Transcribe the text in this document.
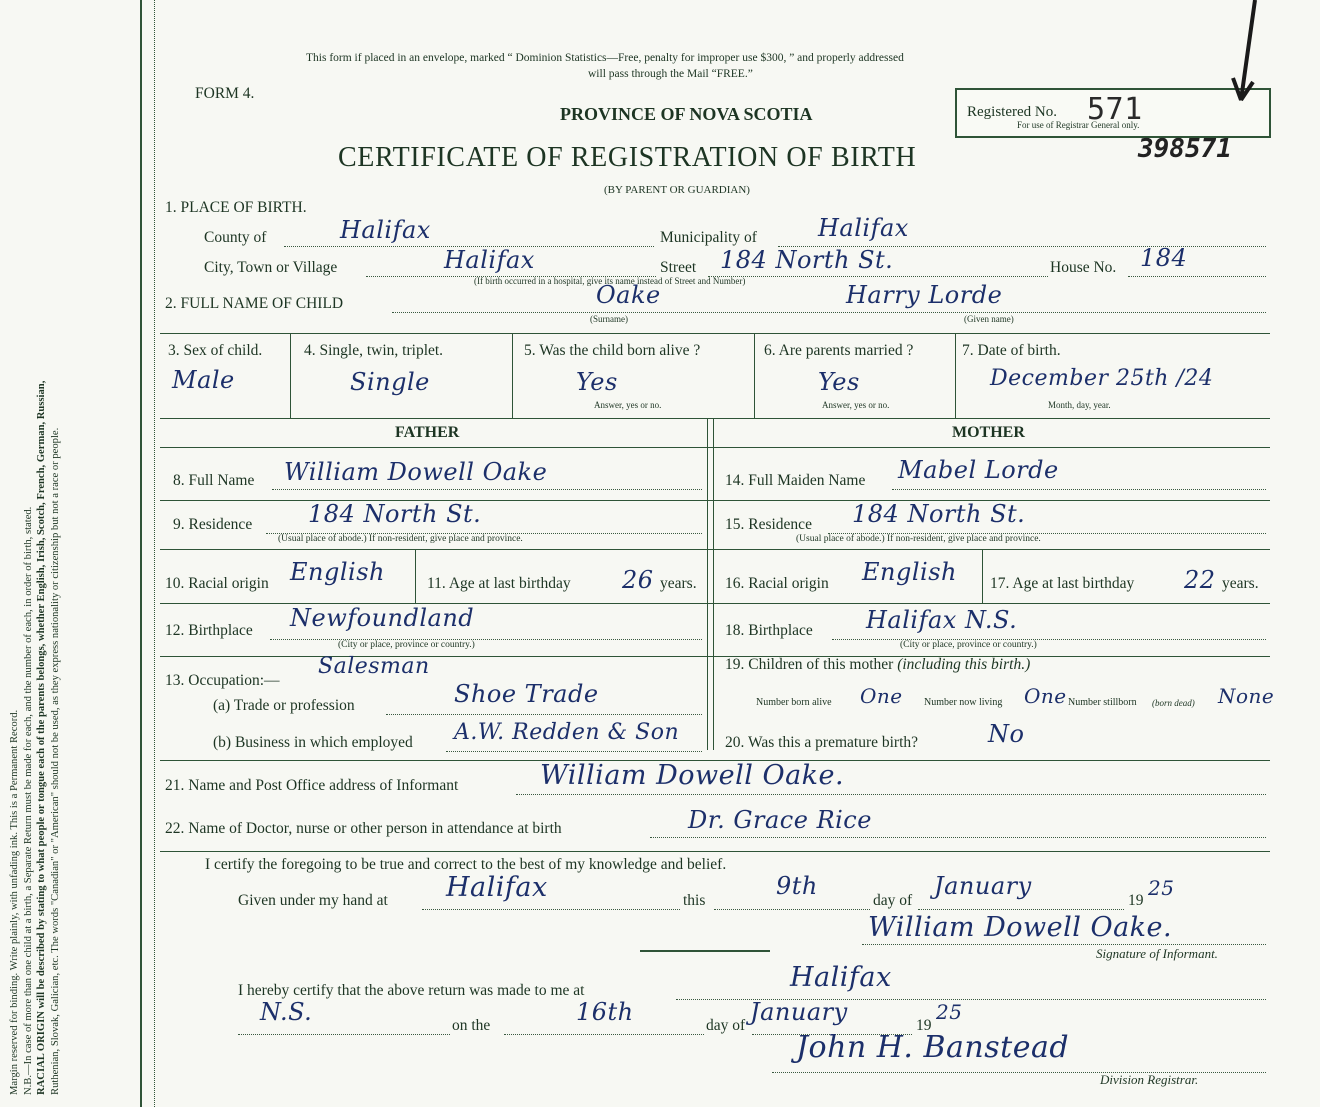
Margin reserved for binding. Write plainly, with unfading ink. This is a Permanent Record. N.B.—In case of more than one child at a birth, a Separate Return must be made for each, and the number of each, in order of birth, stated. RACIAL ORIGIN will be described by stating to what people or tongue each of the parents belongs, whether English, Irish, Scotch, French, German, Russian, Ruthenian, Slovak, Galician, etc. The words "Canadian" or "American" should not be used, as they express nationality or citizenship but not a race or people.
This form if placed in an envelope, marked “ Dominion Statistics—Free, penalty for improper use $300, ” and properly addressed
will pass through the Mail “FREE.”
FORM 4.
PROVINCE OF NOVA SCOTIA
CERTIFICATE OF REGISTRATION OF BIRTH
(BY PARENT OR GUARDIAN)
Registered No. 571
For use of Registrar General only.
398571
1. PLACE OF BIRTH.
County of	Halifax	Municipality of	Halifax
City, Town or Village	Halifax	Street 184 North St.	House No. 184
(If birth occurred in a hospital, give its name instead of Street and Number)
2. FULL NAME OF CHILD	Oake
(Surname)
Harry Lorde
(Given name)
3. Sex of child.
Male
4. Single, twin, triplet.
Single
5. Was the child born alive ?
Yes
Answer, yes or no.
6. Are parents married ?
Yes
Answer, yes or no.
7. Date of birth.
December 25th /24
Month, day, year.
FATHER	MOTHER
8. Full Name William Dowell Oake
9. Residence 184 North St.
(Usual place of abode.) If non-resident, give place and province.
10. Racial origin English	11. Age at last birthday 26 years.
12. Birthplace Newfoundland
(City or place, province or country.)
13. Occupation:—
Salesman
(a) Trade or profession	Shoe Trade
(b) Business in which employed A.W. Redden & Son
14. Full Maiden Name Mabel Lorde
15. Residence 184 North St.
(Usual place of abode.) If non-resident, give place and province.
16. Racial origin English 17. Age at last birthday 22 years.
18. Birthplace Halifax N.S.
(City or place, province or country.)
19. Children of this mother (including this birth.)
Number born alive One Number now living One Number stillborn (born dead) None
20. Was this a premature birth?	No
21. Name and Post Office address of Informant	William Dowell Oake.
22. Name of Doctor, nurse or other person in attendance at birth	Dr. Grace Rice
I certify the foregoing to be true and correct to the best of my knowledge and belief.
Given under my hand at Halifax	this
9th
day of
January
19
25
William Dowell Oake.
Signature of Informant.
I hereby certify that the above return was made to me at	Halifax
N.S.	on the	16th	day of January	19
25
John H. Banstead
Division Registrar.
